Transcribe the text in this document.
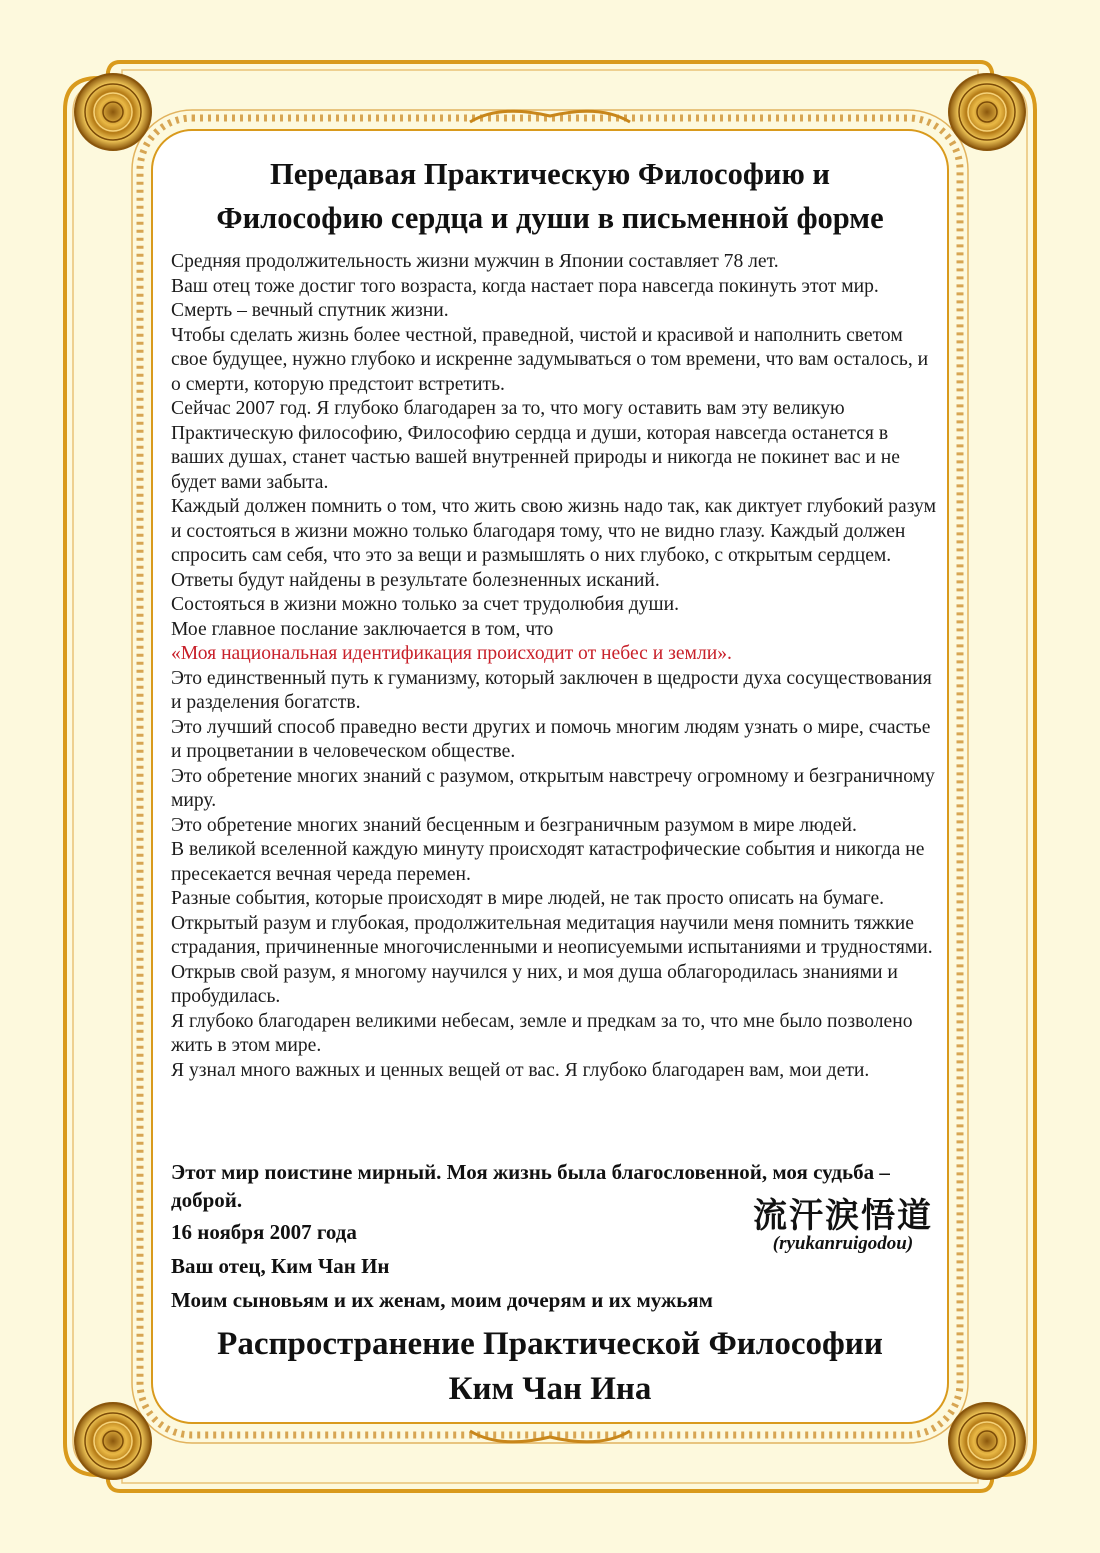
Передавая Практическую Философию и
Философию сердца и души в письменной форме

Средняя продолжительность жизни мужчин в Японии составляет 78 лет.

Ваш отец тоже достиг того возраста, когда настает пора навсегда покинуть этот мир.

Смерть – вечный спутник жизни.

Чтобы сделать жизнь более честной, праведной, чистой и красивой и наполнить светом свое будущее, нужно глубоко и искренне задумываться о том времени, что вам осталось, и о смерти, которую предстоит встретить.

Сейчас 2007 год. Я глубоко благодарен за то, что могу оставить вам эту великую Практическую философию, Философию сердца и души, которая навсегда останется в ваших душах, станет частью вашей внутренней природы и никогда не покинет вас и не будет вами забыта.

Каждый должен помнить о том, что жить свою жизнь надо так, как диктует глубокий разум и состояться в жизни можно только благодаря тому, что не видно глазу. Каждый должен спросить сам себя, что это за вещи и размышлять о них глубоко, с открытым сердцем. Ответы будут найдены в результате болезненных исканий.

Состояться в жизни можно только за счет трудолюбия души.

Мое главное послание заключается в том, что

«Моя национальная идентификация происходит от небес и земли».

Это единственный путь к гуманизму, который заключен в щедрости духа сосуществования и разделения богатств.

Это лучший способ праведно вести других и помочь многим людям узнать о мире, счастье и процветании в человеческом обществе.

Это обретение многих знаний с разумом, открытым навстречу огромному и безграничному миру.

Это обретение многих знаний бесценным и безграничным разумом в мире людей.

В великой вселенной каждую минуту происходят катастрофические события и никогда не пресекается вечная череда перемен.

Разные события, которые происходят в мире людей, не так просто описать на бумаге.

Открытый разум и глубокая, продолжительная медитация научили меня помнить тяжкие страдания, причиненные многочисленными и неописуемыми испытаниями и трудностями. Открыв свой разум, я многому научился у них, и моя душа облагородилась знаниями и пробудилась.

Я глубоко благодарен великими небесам, земле и предкам за то, что мне было позволено жить в этом мире.

Я узнал много важных и ценных вещей от вас. Я глубоко благодарен вам, мои дети.

Этот мир поистине мирный. Моя жизнь была благословенной, моя судьба – доброй.

16 ноября 2007 года

Ваш отец, Ким Чан Ин

Моим сыновьям и их женам, моим дочерям и их мужьям

流汗涙悟道
(ryukanruigodou)
Распространение Практической Философии
Ким Чан Ина
